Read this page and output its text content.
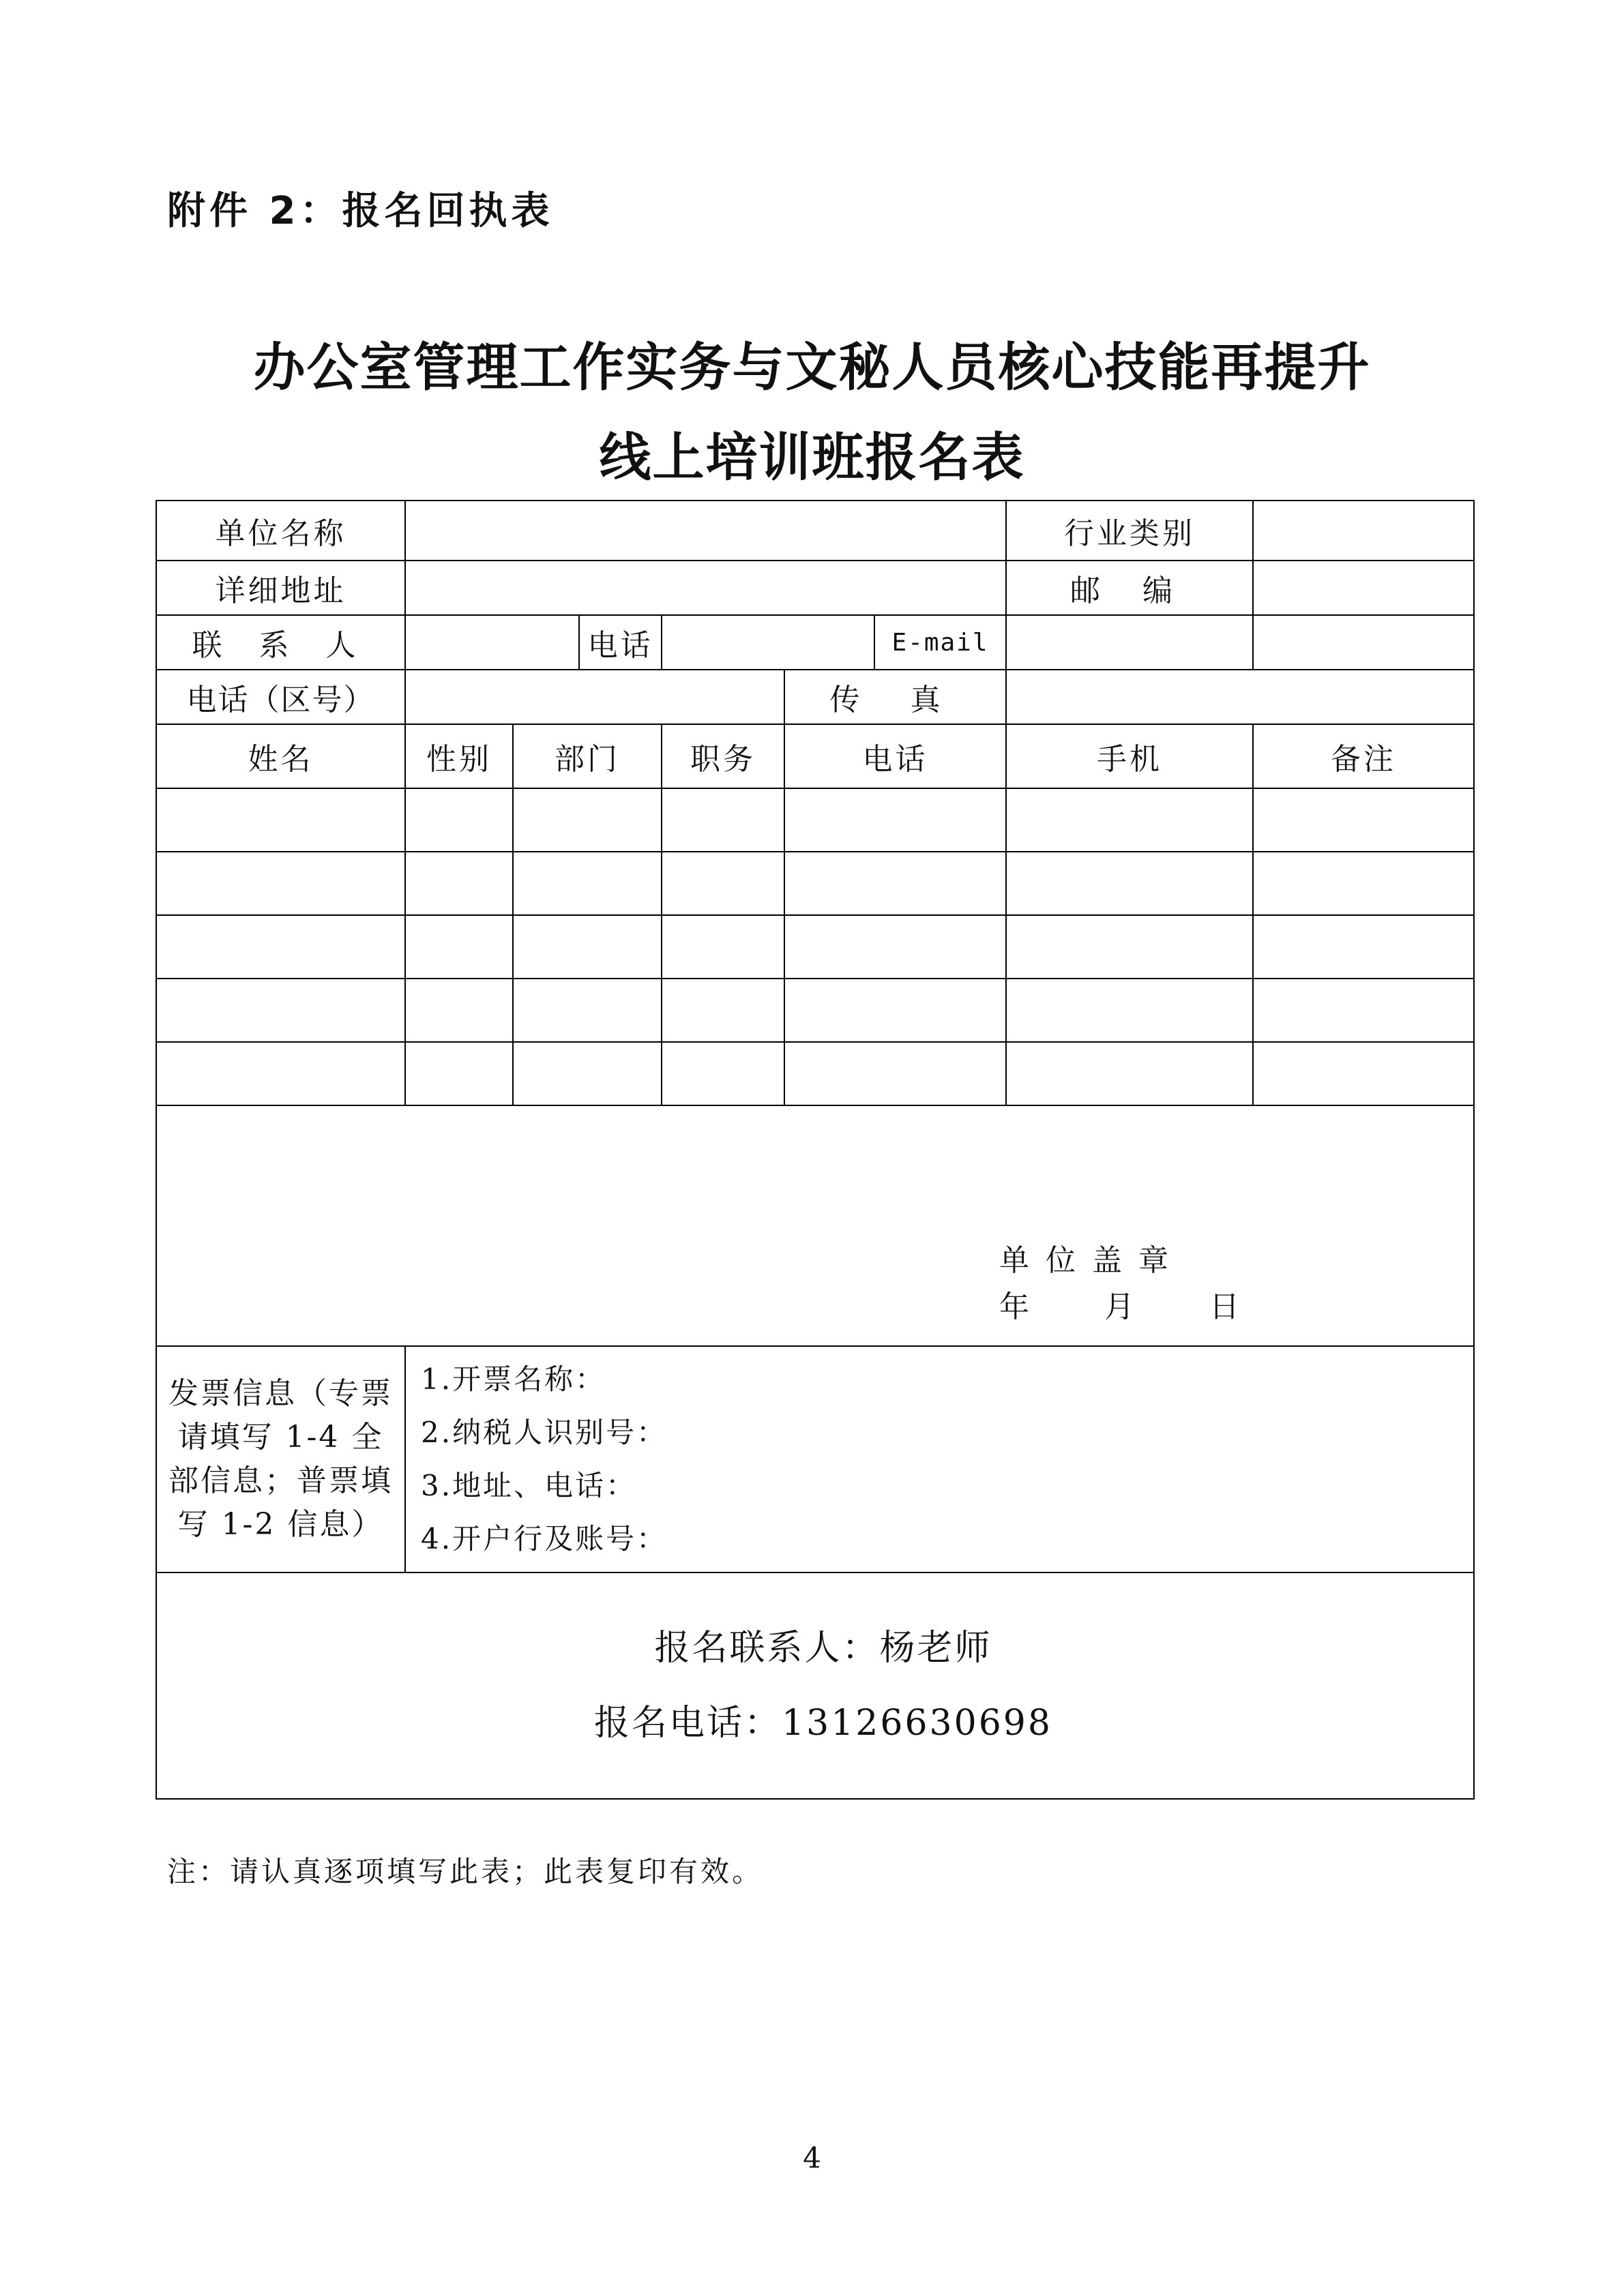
附件 2：报名回执表
办公室管理工作实务与文秘人员核心技能再提升
线上培训班报名表
单位名称					行业类别	
详细地址					邮 编	
联 系 人	电话		E-mail			

电话（区号）				传 真		
姓名	性别	部门	职务	电话	手机	备注

单位盖章
年 月 日						

发票信息（专票请填写 1-4 全部信息；普票填写 1-2 信息）	1.开票名称：
2.纳税人识别号：
3.地址、电话：
4.开户行及账号：					

报名联系人：杨老师
报名电话：13126630698						
注：请认真逐项填写此表；此表复印有效。
4
